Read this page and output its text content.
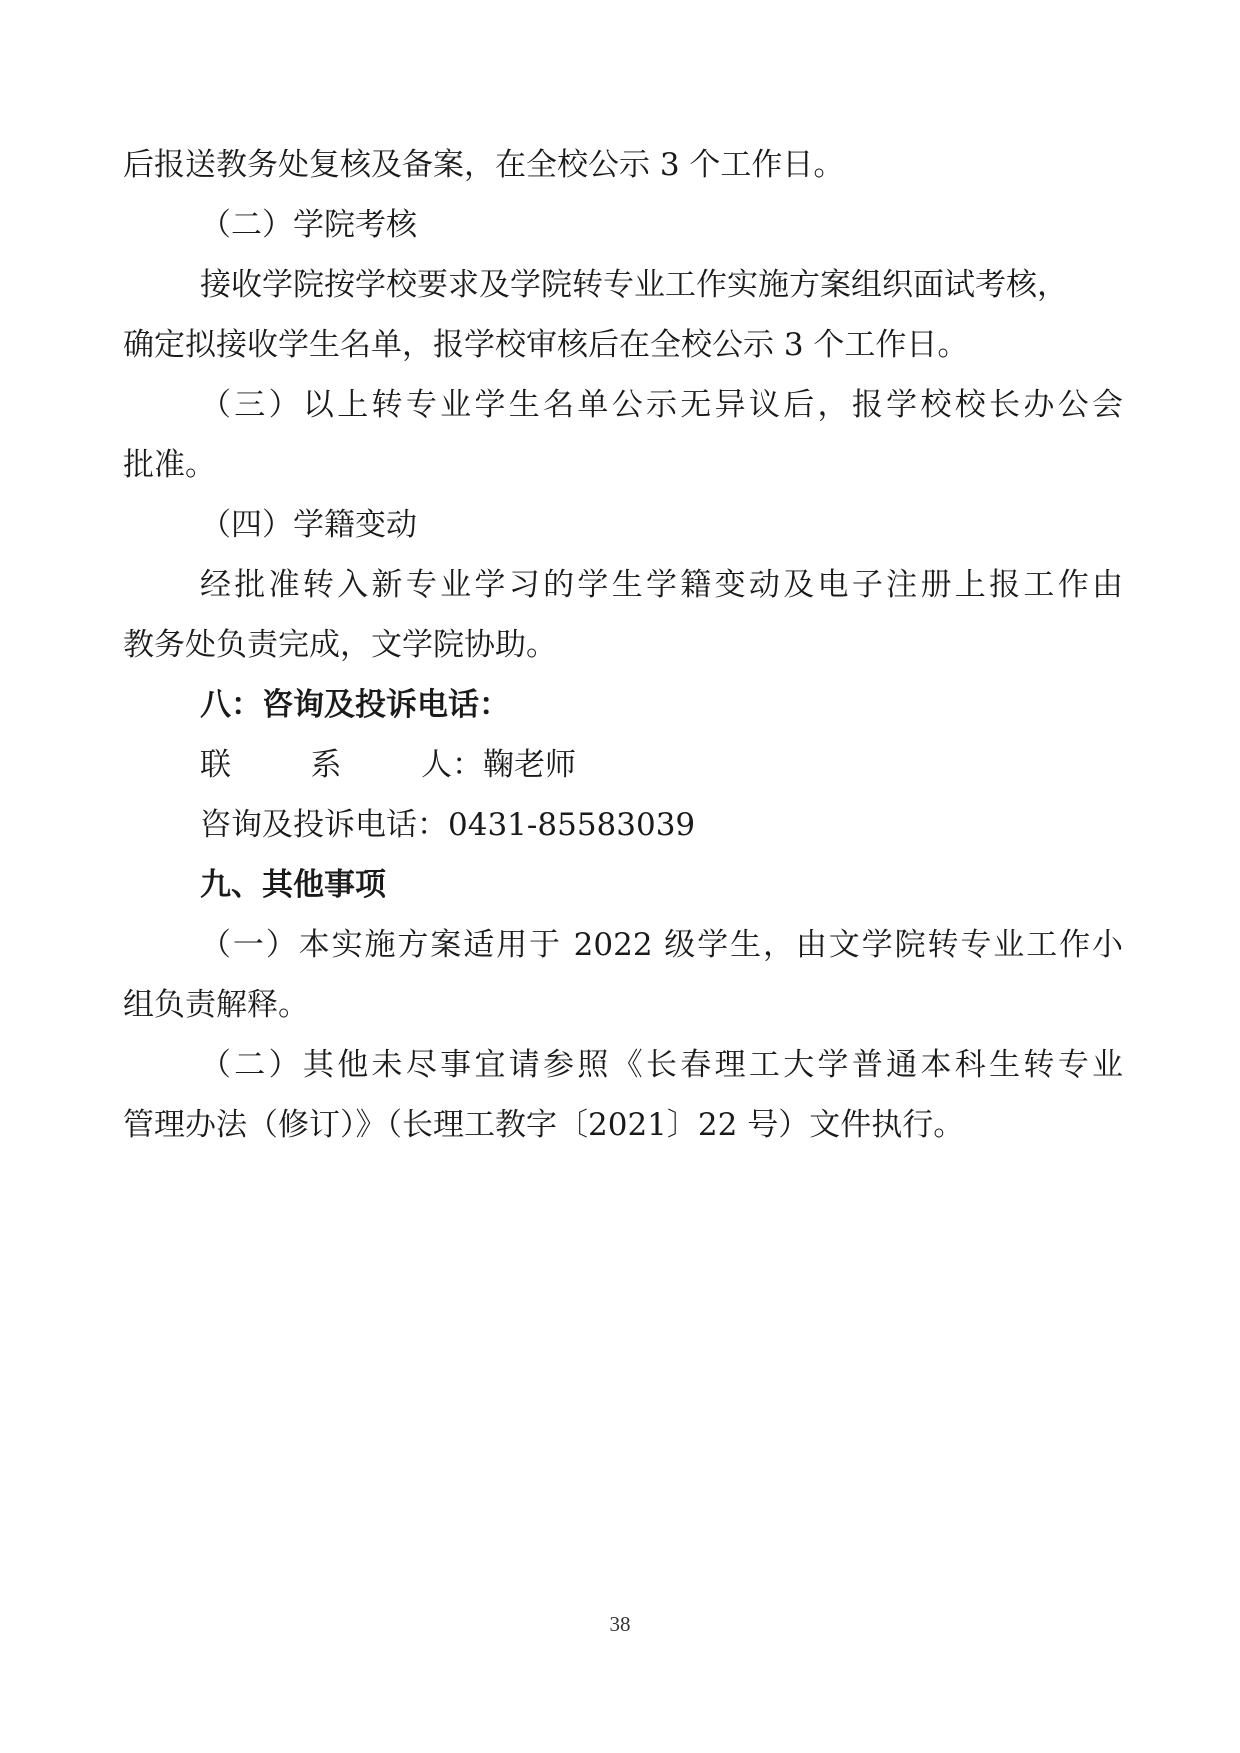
后报送教务处复核及备案，在全校公示 3 个工作日。
（二）学院考核
接收学院按学校要求及学院转专业工作实施方案组织面试考核，
确定拟接收学生名单，报学校审核后在全校公示 3 个工作日。
（三）以上转专业学生名单公示无异议后，报学校校长办公会
批准。
（四）学籍变动
经批准转入新专业学习的学生学籍变动及电子注册上报工作由
教务处负责完成，文学院协助。
八：咨询及投诉电话：
联系人：鞠老师
咨询及投诉电话：0431-85583039
九、其他事项
（一）本实施方案适用于 2022 级学生，由文学院转专业工作小
组负责解释。
（二）其他未尽事宜请参照《长春理工大学普通本科生转专业
管理办法（修订）》（长理工教字〔2021〕22 号）文件执行。
38
